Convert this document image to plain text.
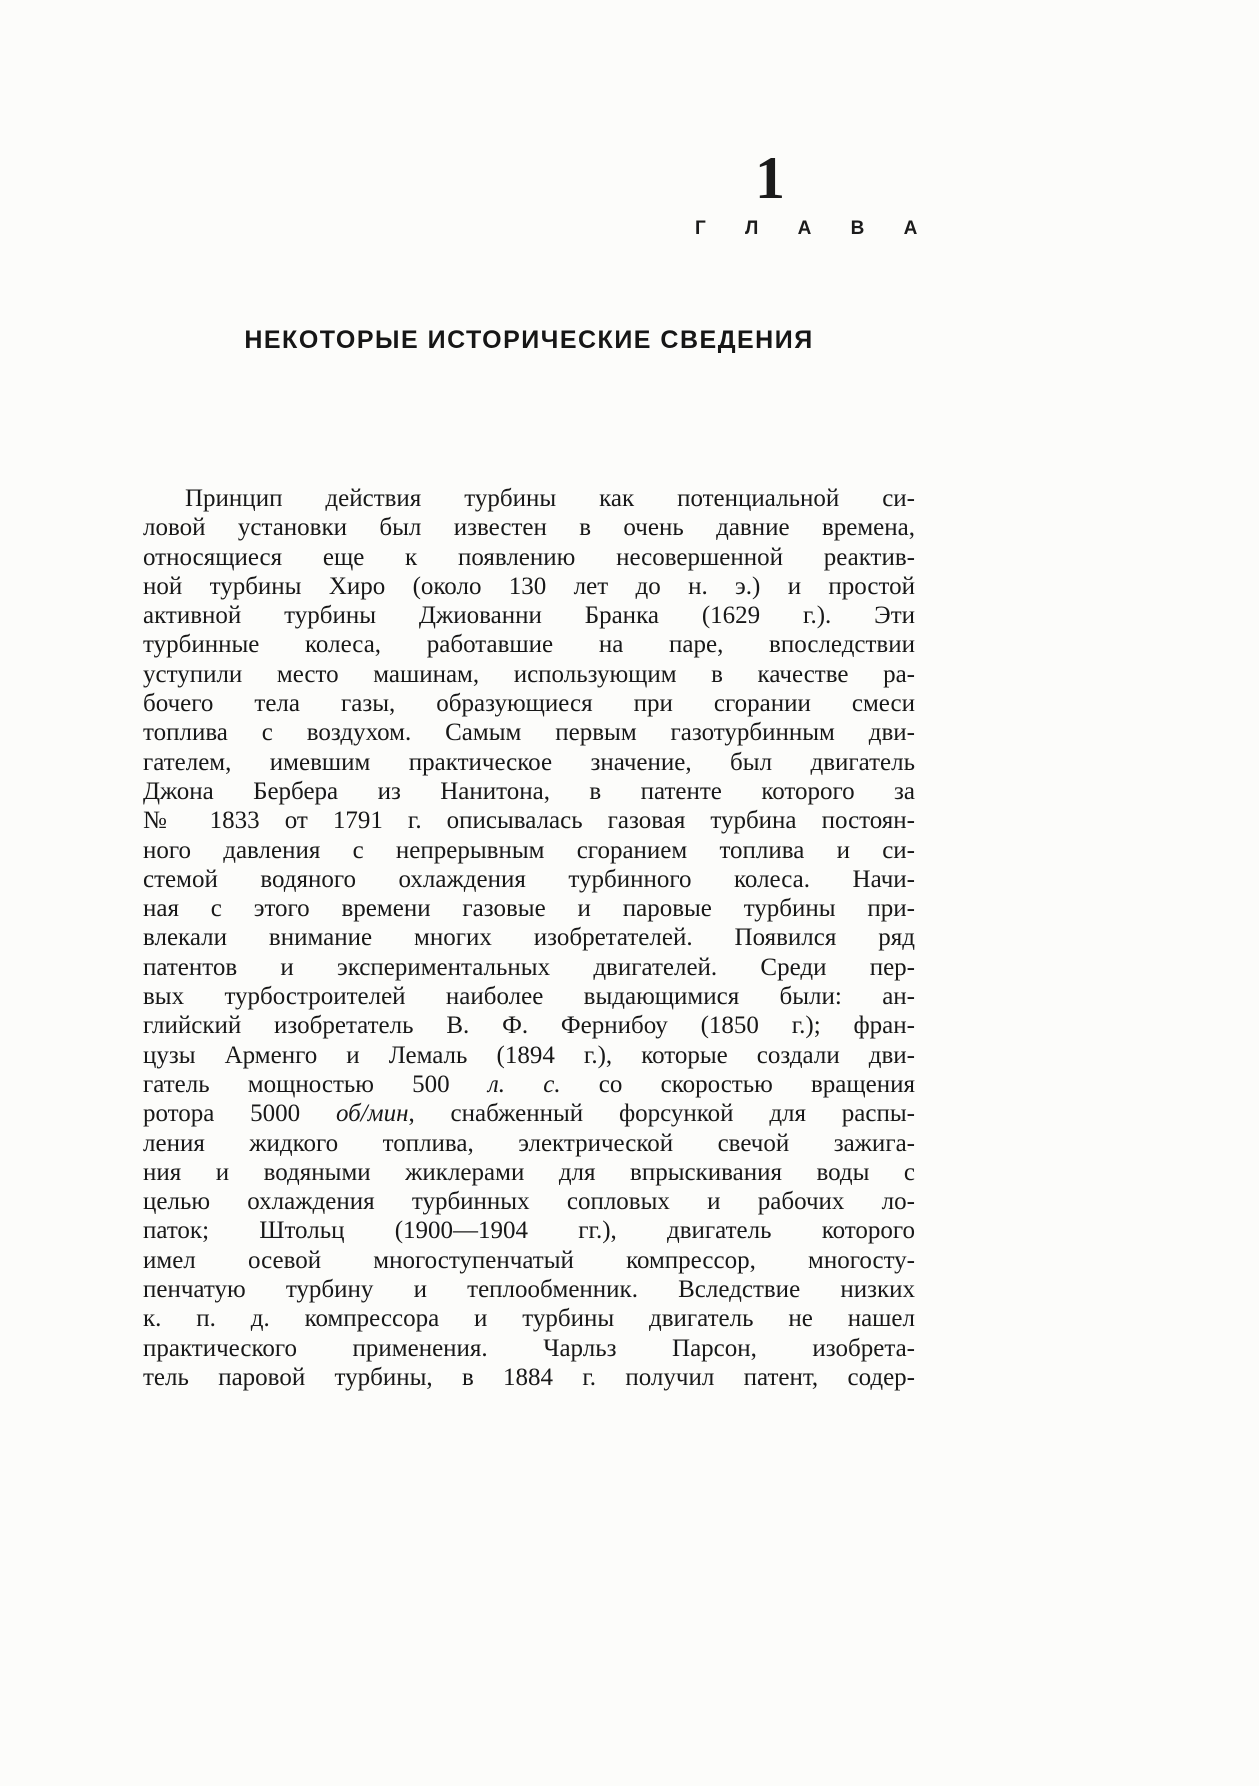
1
Г Л А В А
НЕКОТОРЫЕ ИСТОРИЧЕСКИЕ СВЕДЕНИЯ
Принцип действия турбины как потенциальной си-
ловой установки был известен в очень давние времена,
относящиеся еще к появлению несовершенной реактив-
ной турбины Хиро (около 130 лет до н. э.) и простой
активной турбины Джиованни Бранка (1629 г.). Эти
турбинные колеса, работавшие на паре, впоследствии
уступили место машинам, использующим в качестве ра-
бочего тела газы, образующиеся при сгорании смеси
топлива с воздухом. Самым первым газотурбинным дви-
гателем, имевшим практическое значение, был двигатель
Джона Бербера из Нанитона, в патенте которого за
№ 1833 от 1791 г. описывалась газовая турбина постоян-
ного давления с непрерывным сгоранием топлива и си-
стемой водяного охлаждения турбинного колеса. Начи-
ная с этого времени газовые и паровые турбины при-
влекали внимание многих изобретателей. Появился ряд
патентов и экспериментальных двигателей. Среди пер-
вых турбостроителей наиболее выдающимися были: ан-
глийский изобретатель В. Ф. Фернибоу (1850 г.); фран-
цузы Арменго и Лемаль (1894 г.), которые создали дви-
гатель мощностью 500 л. с. со скоростью вращения
ротора 5000 об/мин, снабженный форсункой для распы-
ления жидкого топлива, электрической свечой зажига-
ния и водяными жиклерами для впрыскивания воды с
целью охлаждения турбинных сопловых и рабочих ло-
паток; Штольц (1900—1904 гг.), двигатель которого
имел осевой многоступенчатый компрессор, многосту-
пенчатую турбину и теплообменник. Вследствие низких
к. п. д. компрессора и турбины двигатель не нашел
практического применения. Чарльз Парсон, изобрета-
тель паровой турбины, в 1884 г. получил патент, содер-
